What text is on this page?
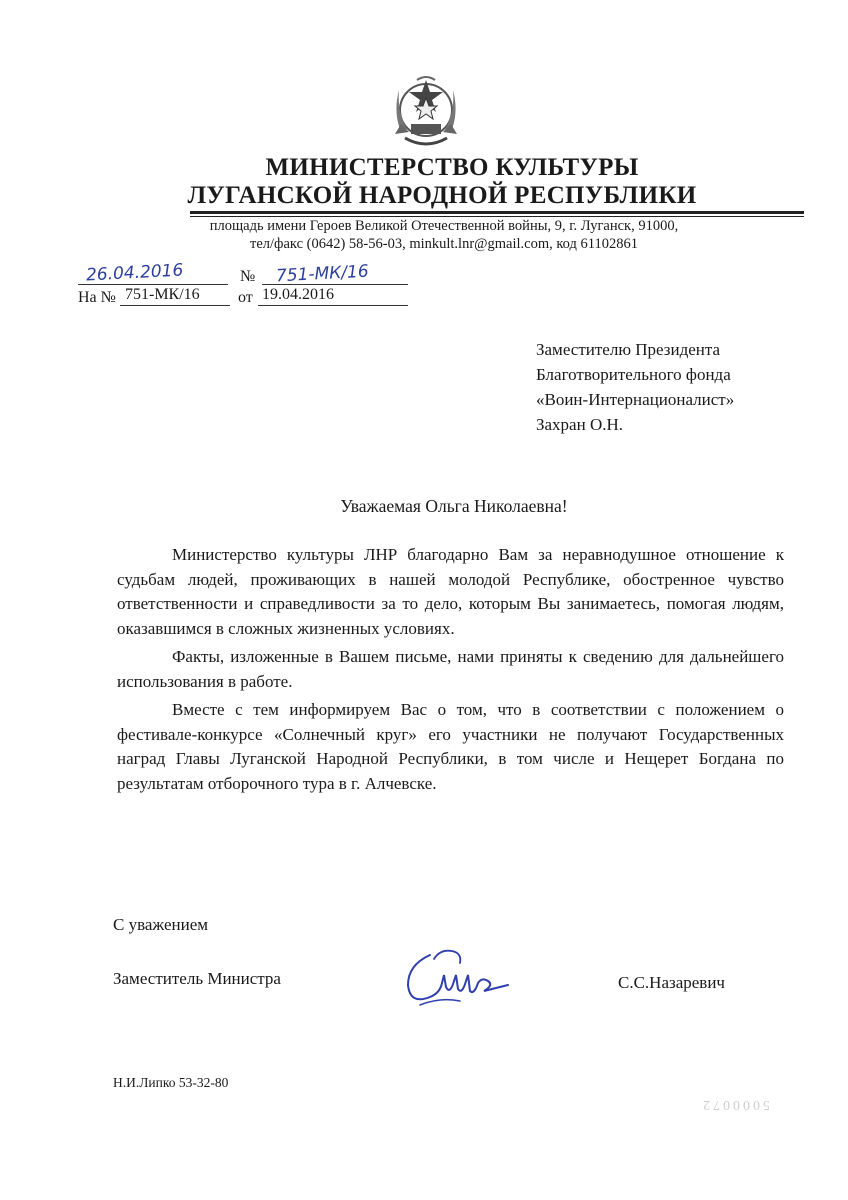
МИНИСТЕРСТВО КУЛЬТУРЫ
ЛУГАНСКОЙ НАРОДНОЙ РЕСПУБЛИКИ
площадь имени Героев Великой Отечественной войны, 9, г. Луганск, 91000,
тел/факс (0642) 58-56-03, minkult.lnr@gmail.com, код 61102861
26.04.2016	№ 751-МК/16
На № 751-МК/16 от 19.04.2016
Заместителю Президента
Благотворительного фонда
«Воин-Интернационалист»
Захран О.Н.
Уважаемая Ольга Николаевна!

Министерство культуры ЛНР благодарно Вам за неравнодушное отношение к судьбам людей, проживающих в нашей молодой Республике, обостренное чувство ответственности и справедливости за то дело, которым Вы занимаетесь, помогая людям, оказавшимся в сложных жизненных условиях.

Факты, изложенные в Вашем письме, нами приняты к сведению для дальнейшего использования в работе.

Вместе с тем информируем Вас о том, что в соответствии с положением о фестивале-конкурсе «Солнечный круг» его участники не получают Государственных наград Главы Луганской Народной Республики, в том числе и Нещерет Богдана по результатам отборочного тура в г. Алчевске.

С уважением
Заместитель Министра	С.С.Назаревич
Н.И.Липко 53-32-80
5000072
